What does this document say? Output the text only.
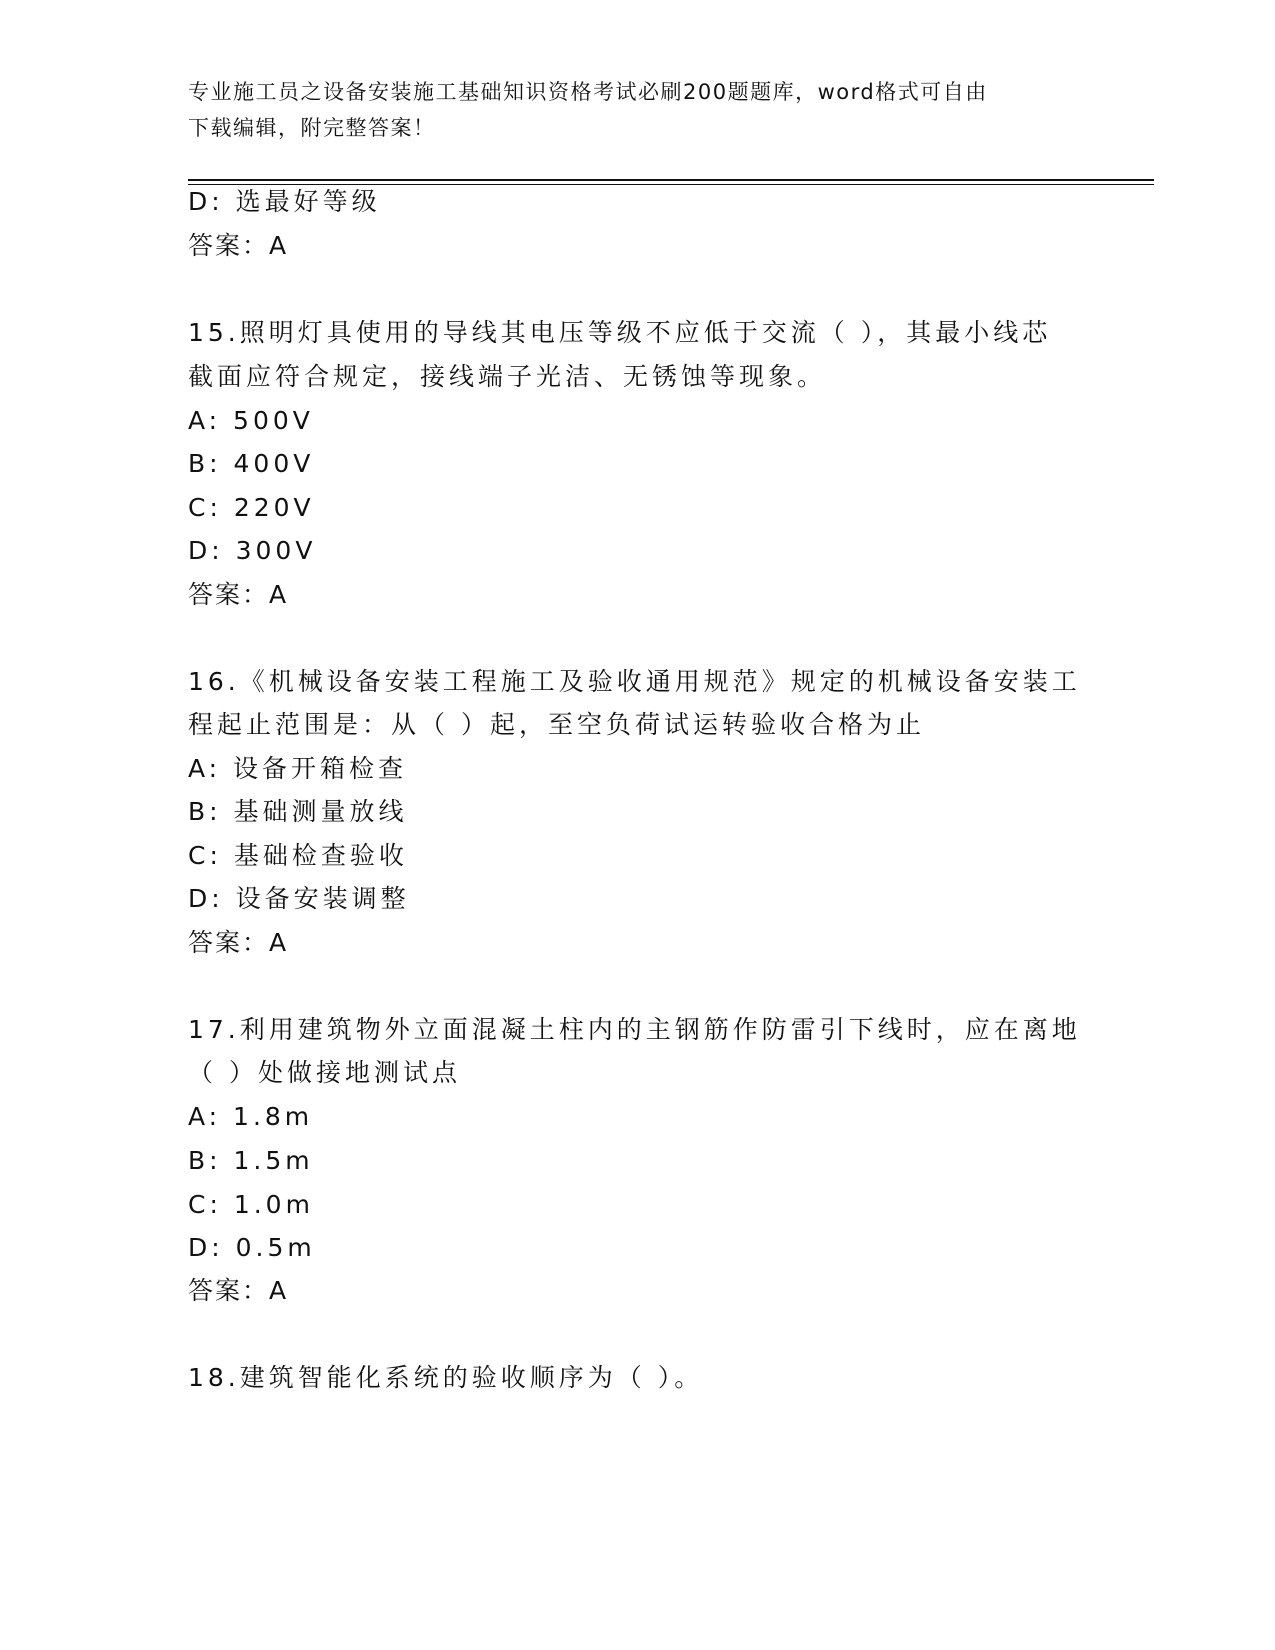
专业施工员之设备安装施工基础知识资格考试必刷200题题库，word格式可自由
下载编辑，附完整答案！
D: 选最好等级
答案：A
15.照明灯具使用的导线其电压等级不应低于交流（ ），其最小线芯
截面应符合规定，接线端子光洁、无锈蚀等现象。
A: 500V
B: 400V
C: 220V
D: 300V
答案：A
16.《机械设备安装工程施工及验收通用规范》规定的机械设备安装工
程起止范围是：从（ ）起，至空负荷试运转验收合格为止
A: 设备开箱检查
B: 基础测量放线
C: 基础检查验收
D: 设备安装调整
答案：A
17.利用建筑物外立面混凝土柱内的主钢筋作防雷引下线时，应在离地
（ ）处做接地测试点
A: 1.8m
B: 1.5m
C: 1.0m
D: 0.5m
答案：A
18.建筑智能化系统的验收顺序为（ ）。
